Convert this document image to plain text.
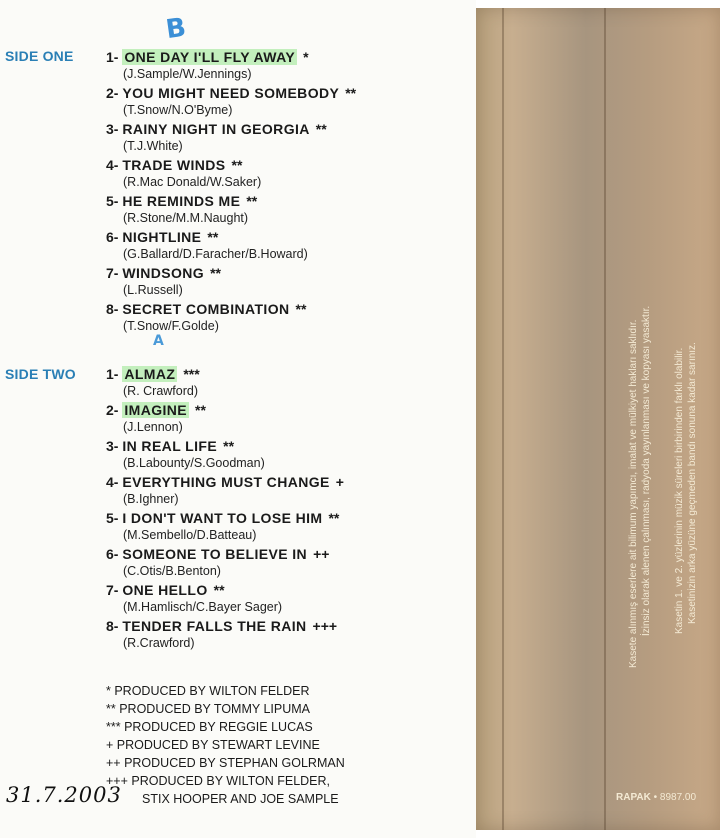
B
SIDE ONE 1- ONE DAY I'LL FLY AWAY *
(J.Sample/W.Jennings)
2- YOU MIGHT NEED SOMEBODY **
(T.Snow/N.O'Byme)
3- RAINY NIGHT IN GEORGIA **
(T.J.White)
4- TRADE WINDS **
(R.Mac Donald/W.Saker)
5- HE REMINDS ME **
(R.Stone/M.M.Naught)
6- NIGHTLINE **
(G.Ballard/D.Faracher/B.Howard)
7- WINDSONG **
(L.Russell)
8- SECRET COMBINATION **
(T.Snow/F.Golde)
A
SIDE TWO 1- ALMAZ ***
(R. Crawford)
2- IMAGINE **
(J.Lennon)
3- IN REAL LIFE **
(B.Labounty/S.Goodman)
4- EVERYTHING MUST CHANGE +
(B.Ighner)
5- I DON'T WANT TO LOSE HIM **
(M.Sembello/D.Batteau)
6- SOMEONE TO BELIEVE IN ++
(C.Otis/B.Benton)
7- ONE HELLO **
(M.Hamlisch/C.Bayer Sager)
8- TENDER FALLS THE RAIN +++
(R.Crawford)
* PRODUCED BY WILTON FELDER
** PRODUCED BY TOMMY LIPUMA
*** PRODUCED BY REGGIE LUCAS
+ PRODUCED BY STEWART LEVINE
++ PRODUCED BY STEPHAN GOLRMAN
+++ PRODUCED BY WILTON FELDER,
STIX HOOPER AND JOE SAMPLE
31.7.2003
Kasete alınmış eserlere ait bilimum yapımcı, imalat ve mülkiyet hakları saklıdır. İzinsiz olarak alenen çalınması, radyoda yayınlanması ve kopyası yasaktır. Kasetin 1. ve 2. yüzlerinin müzik süreleri birbirinden farklı olabilir. Kasetinizin arka yüzüne geçmeden bandı sonuna kadar sarınız.
RAPAK • 8987.00
